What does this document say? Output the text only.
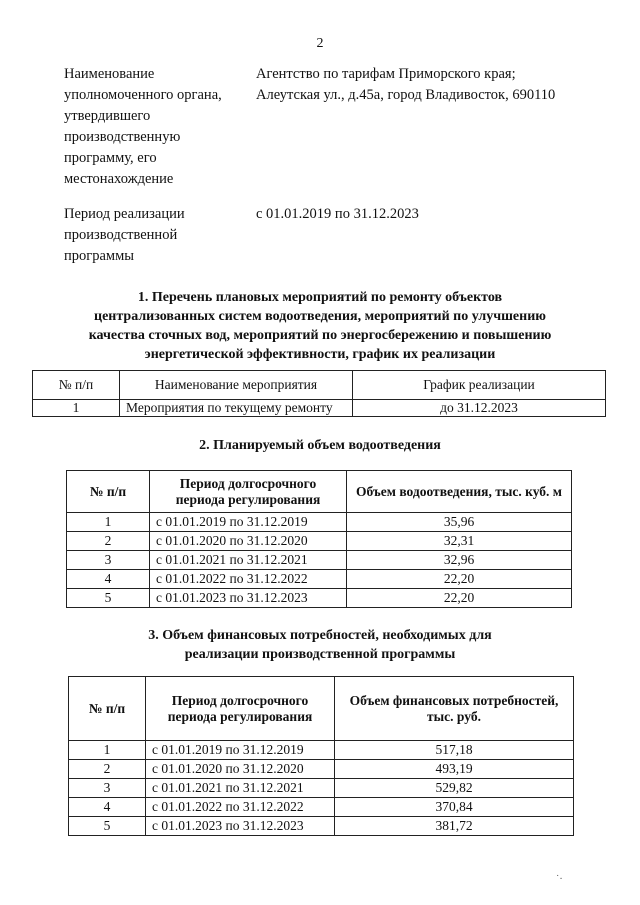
2
Наименование
уполномоченного органа,
утвердившего
производственную
программу, его
местонахождение
Агентство по тарифам Приморского края;
Алеутская ул., д.45а, город Владивосток, 690110
Период реализации
производственной
программы
с 01.01.2019 по 31.12.2023
1. Перечень плановых мероприятий по ремонту объектов
централизованных систем водоотведения, мероприятий по улучшению
качества сточных вод, мероприятий по энергосбережению и повышению
энергетической эффективности, график их реализации
№ п/п	Наименование мероприятия	График реализации
1	Мероприятия по текущему ремонту	до 31.12.2023
2. Планируемый объем водоотведения
№ п/п	Период долгосрочного периода регулирования	Объем водоотведения, тыс. куб. м
1	с 01.01.2019 по 31.12.2019	35,96
2	с 01.01.2020 по 31.12.2020	32,31
3	с 01.01.2021 по 31.12.2021	32,96
4	с 01.01.2022 по 31.12.2022	22,20
5	с 01.01.2023 по 31.12.2023	22,20
3. Объем финансовых потребностей, необходимых для
реализации производственной программы
№ п/п	Период долгосрочного периода регулирования	Объем финансовых потребностей, тыс. руб.
1	с 01.01.2019 по 31.12.2019	517,18
2	с 01.01.2020 по 31.12.2020	493,19
3	с 01.01.2021 по 31.12.2021	529,82
4	с 01.01.2022 по 31.12.2022	370,84
5	с 01.01.2023 по 31.12.2023	381,72
˙·
